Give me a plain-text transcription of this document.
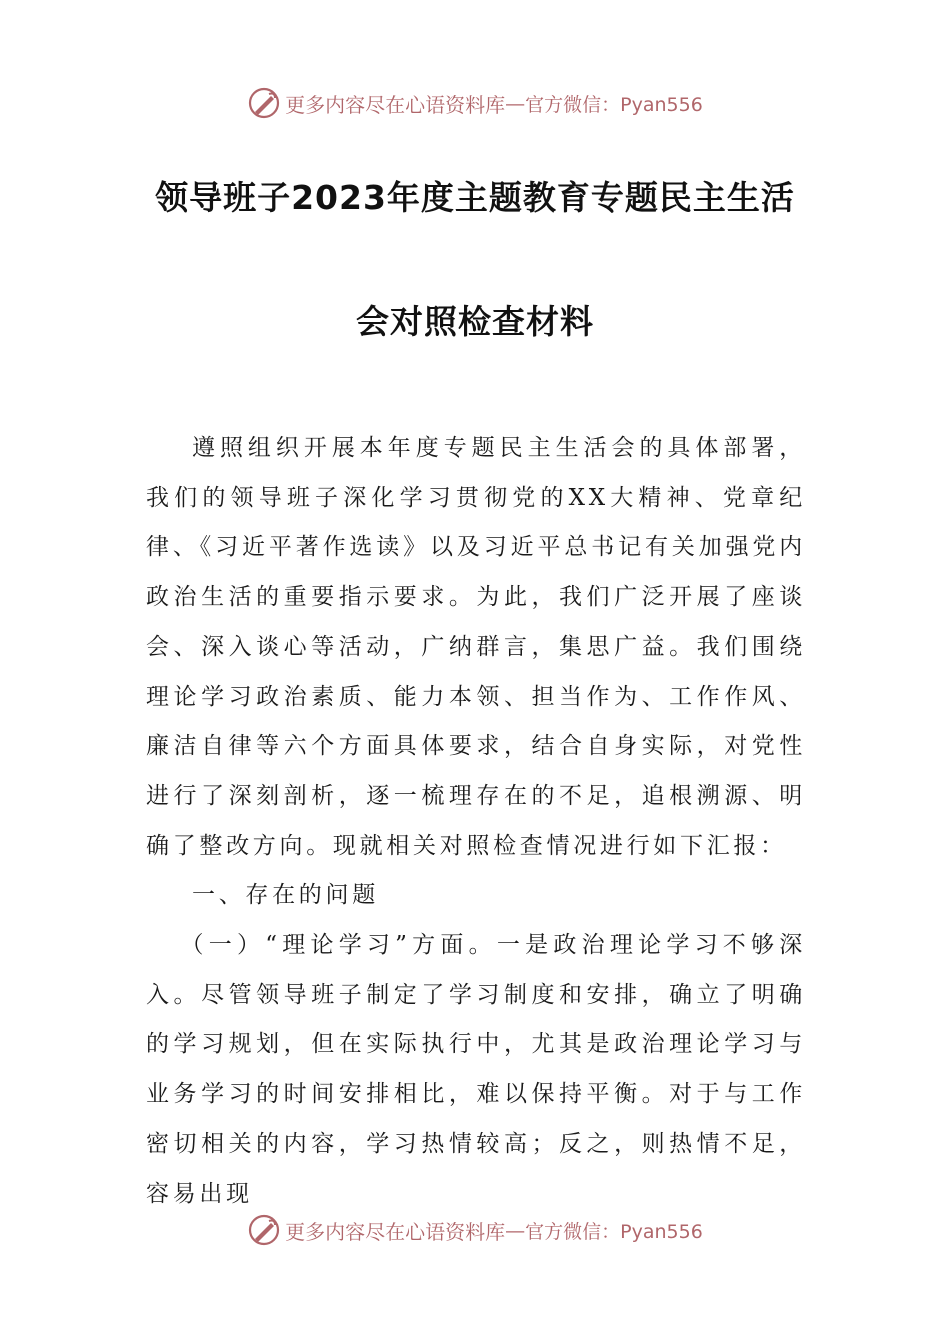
更多内容尽在心语资料库 — 官方微信：Pyan556
领导班子2023年度主题教育专题民主生活
会对照检查材料

遵照组织开展本年度专题民主生活会的具体部署，我们的领导班子深化学习贯彻党的XX大精神、党章纪律、《习近平著作选读》以及习近平总书记有关加强党内政治生活的重要指示要求。为此，我们广泛开展了座谈会、深入谈心等活动，广纳群言，集思广益。我们围绕理论学习政治素质、能力本领、担当作为、工作作风、廉洁自律等六个方面具体要求，结合自身实际，对党性进行了深刻剖析，逐一梳理存在的不足，追根溯源、明确了整改方向。现就相关对照检查情况进行如下汇报：

一、存在的问题

（一）“理论学习”方面。一是政治理论学习不够深入。尽管领导班子制定了学习制度和安排，确立了明确的学习规划，但在实际执行中，尤其是政治理论学习与业务学习的时间安排相比，难以保持平衡。对于与工作密切相关的内容，学习热情较高；反之，则热情不足，容易出现

更多内容尽在心语资料库 — 官方微信：Pyan556
